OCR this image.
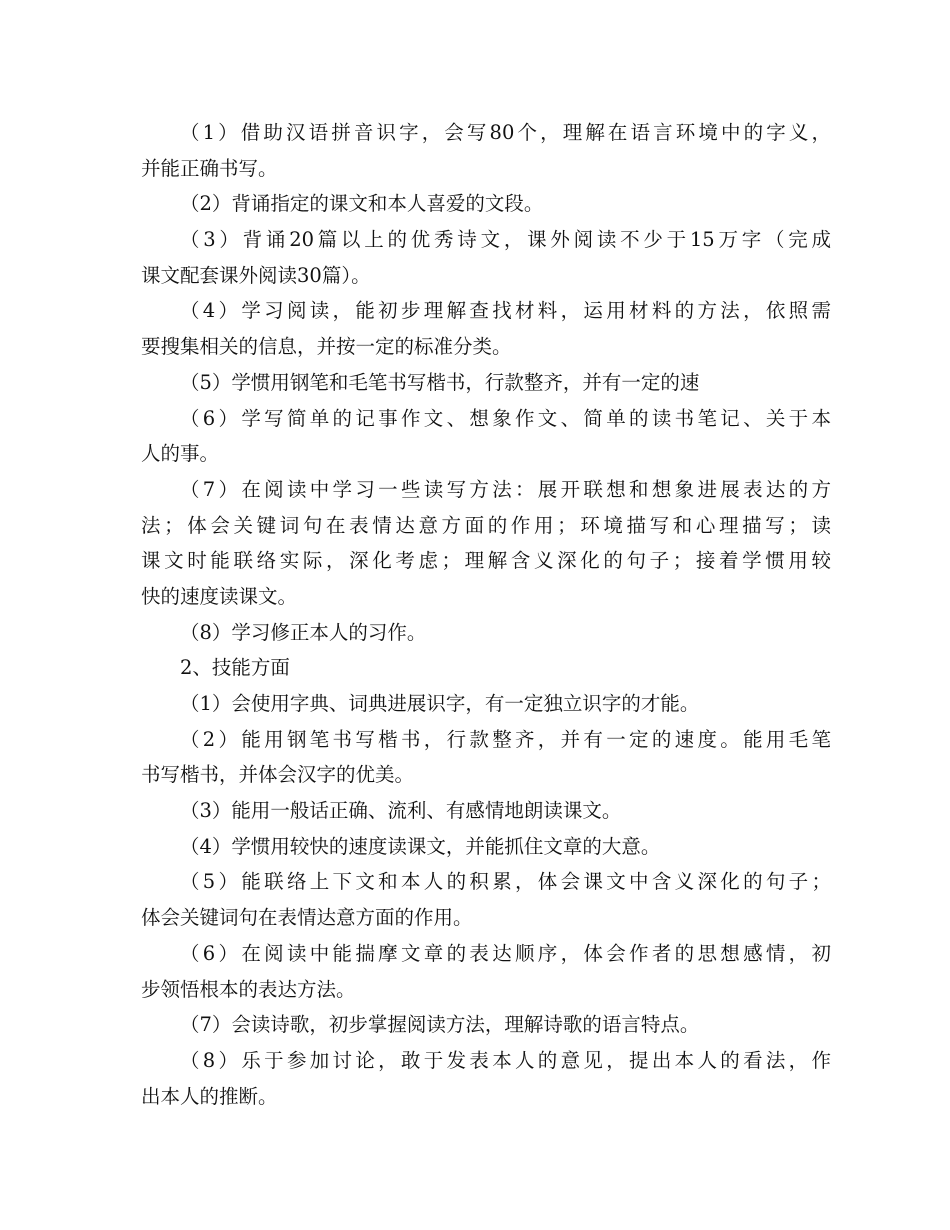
（1）借助汉语拼音识字，会写80个，理解在语言环境中的字义，
并能正确书写。
（2）背诵指定的课文和本人喜爱的文段。
（3）背诵20篇以上的优秀诗文，课外阅读不少于15万字（完成
课文配套课外阅读30篇）。
（4）学习阅读，能初步理解查找材料，运用材料的方法，依照需
要搜集相关的信息，并按一定的标准分类。
（5）学惯用钢笔和毛笔书写楷书，行款整齐，并有一定的速
（6）学写简单的记事作文、想象作文、简单的读书笔记、关于本
人的事。
（7）在阅读中学习一些读写方法：展开联想和想象进展表达的方
法；体会关键词句在表情达意方面的作用；环境描写和心理描写；读
课文时能联络实际，深化考虑；理解含义深化的句子；接着学惯用较
快的速度读课文。
（8）学习修正本人的习作。
2、技能方面
（1）会使用字典、词典进展识字，有一定独立识字的才能。
（2）能用钢笔书写楷书，行款整齐，并有一定的速度。能用毛笔
书写楷书，并体会汉字的优美。
（3）能用一般话正确、流利、有感情地朗读课文。
（4）学惯用较快的速度读课文，并能抓住文章的大意。
（5）能联络上下文和本人的积累，体会课文中含义深化的句子；
体会关键词句在表情达意方面的作用。
（6）在阅读中能揣摩文章的表达顺序，体会作者的思想感情，初
步领悟根本的表达方法。
（7）会读诗歌，初步掌握阅读方法，理解诗歌的语言特点。
（8）乐于参加讨论，敢于发表本人的意见，提出本人的看法，作
出本人的推断。
